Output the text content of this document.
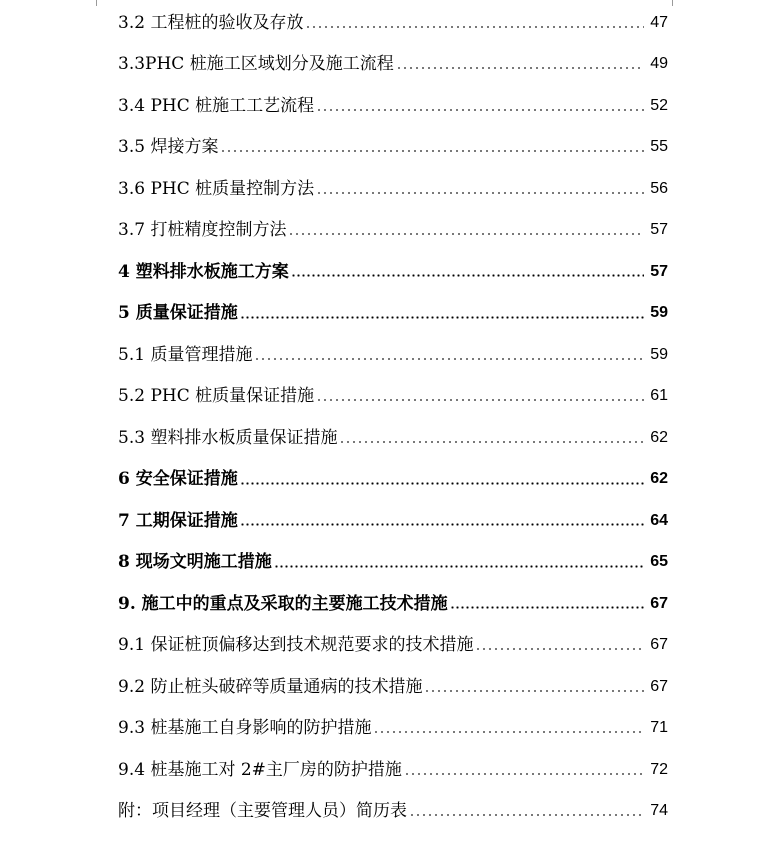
3.2 工程桩的验收及存放	47
3.3PHC 桩施工区域划分及施工流程	49
3.4 PHC 桩施工工艺流程	52
3.5 焊接方案	55
3.6 PHC 桩质量控制方法	56
3.7 打桩精度控制方法	57
4 塑料排水板施工方案	57
5 质量保证措施	59
5.1 质量管理措施	59
5.2 PHC 桩质量保证措施	61
5.3 塑料排水板质量保证措施	62
6 安全保证措施	62
7 工期保证措施	64
8 现场文明施工措施	65
9. 施工中的重点及采取的主要施工技术措施	67
9.1 保证桩顶偏移达到技术规范要求的技术措施	67
9.2 防止桩头破碎等质量通病的技术措施	67
9.3 桩基施工自身影响的防护措施	71
9.4 桩基施工对 2#主厂房的防护措施	72
附：项目经理（主要管理人员）简历表	74
